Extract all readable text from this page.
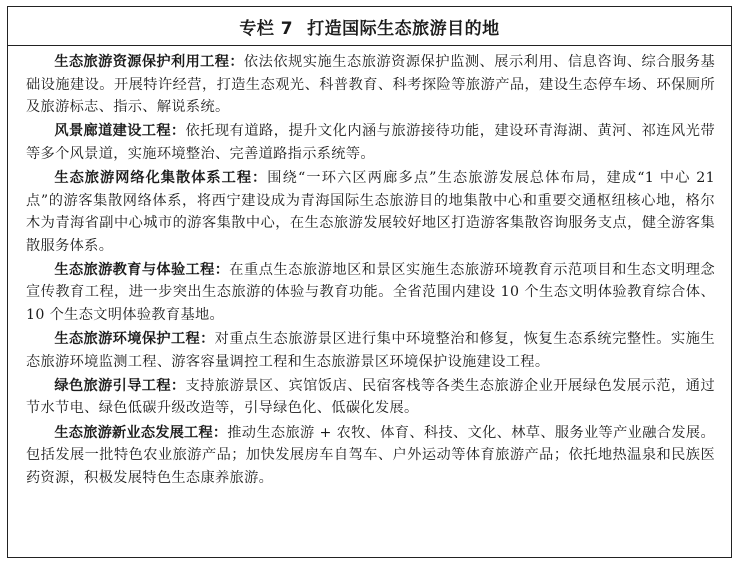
专栏 7 打造国际生态旅游目的地

生态旅游资源保护利用工程：依法依规实施生态旅游资源保护监测、展示利用、信息咨询、综合服务基础设施建设。开展特许经营，打造生态观光、科普教育、科考探险等旅游产品，建设生态停车场、环保厕所及旅游标志、指示、解说系统。

风景廊道建设工程：依托现有道路，提升文化内涵与旅游接待功能，建设环青海湖、黄河、祁连风光带等多个风景道，实施环境整治、完善道路指示系统等。

生态旅游网络化集散体系工程：围绕“一环六区两廊多点”生态旅游发展总体布局，建成“1 中心 21 点”的游客集散网络体系，将西宁建设成为青海国际生态旅游目的地集散中心和重要交通枢纽核心地，格尔木为青海省副中心城市的游客集散中心，在生态旅游发展较好地区打造游客集散咨询服务支点，健全游客集散服务体系。

生态旅游教育与体验工程：在重点生态旅游地区和景区实施生态旅游环境教育示范项目和生态文明理念宣传教育工程，进一步突出生态旅游的体验与教育功能。全省范围内建设 10 个生态文明体验教育综合体、10 个生态文明体验教育基地。

生态旅游环境保护工程：对重点生态旅游景区进行集中环境整治和修复，恢复生态系统完整性。实施生态旅游环境监测工程、游客容量调控工程和生态旅游景区环境保护设施建设工程。

绿色旅游引导工程：支持旅游景区、宾馆饭店、民宿客栈等各类生态旅游企业开展绿色发展示范，通过节水节电、绿色低碳升级改造等，引导绿色化、低碳化发展。

生态旅游新业态发展工程：推动生态旅游 + 农牧、体育、科技、文化、林草、服务业等产业融合发展。包括发展一批特色农业旅游产品；加快发展房车自驾车、户外运动等体育旅游产品；依托地热温泉和民族医药资源，积极发展特色生态康养旅游。
